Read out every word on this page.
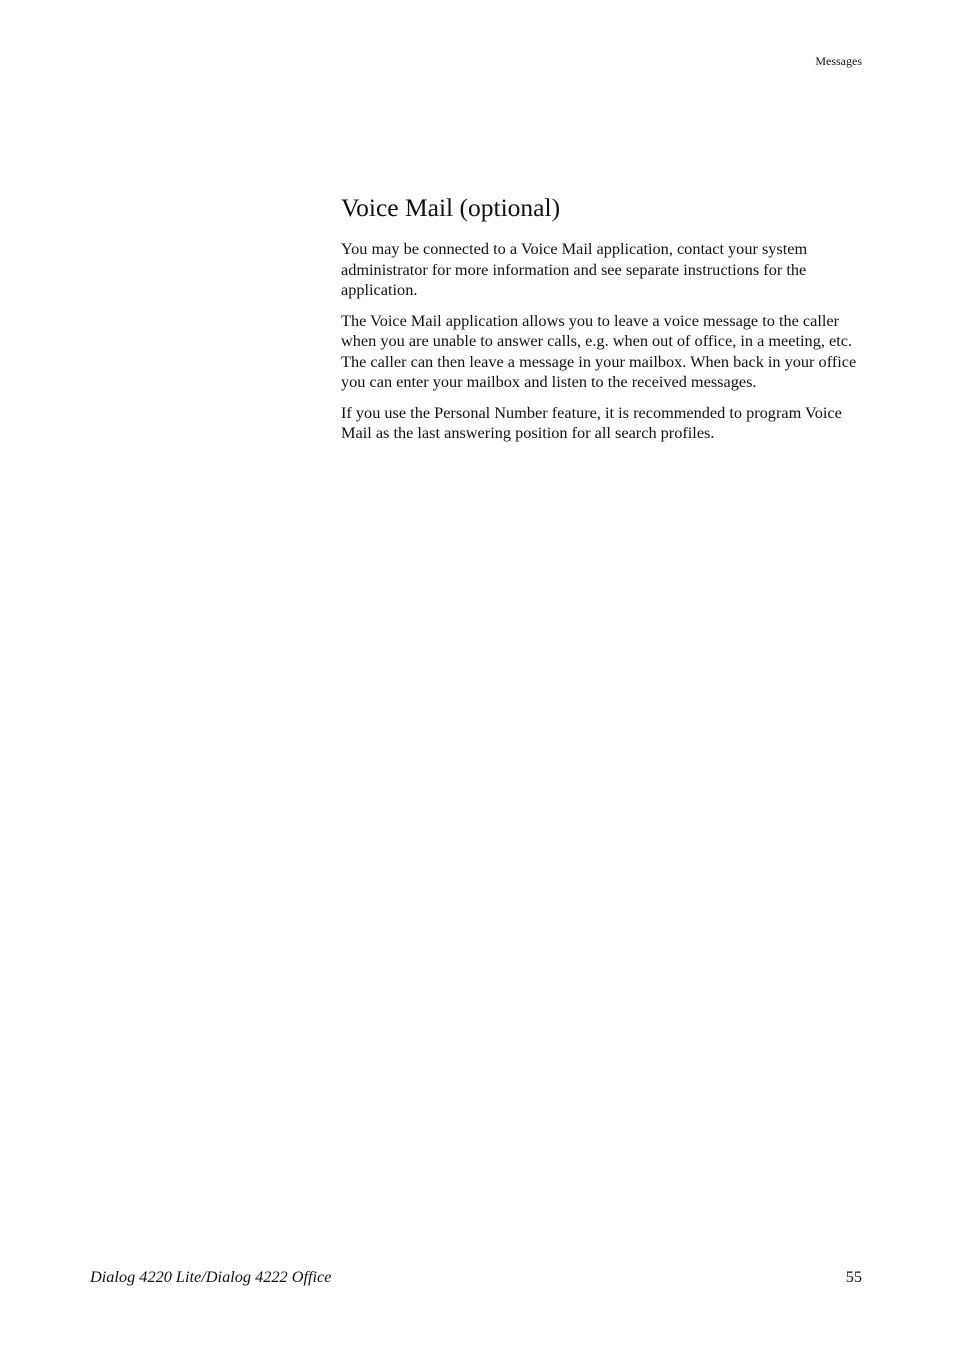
Messages

Voice Mail (optional)

You may be connected to a Voice Mail application, contact your system administrator for more information and see separate instructions for the application.

The Voice Mail application allows you to leave a voice message to the caller when you are unable to answer calls, e.g. when out of office, in a meeting, etc. The caller can then leave a message in your mailbox. When back in your office you can enter your mailbox and listen to the received messages.

If you use the Personal Number feature, it is recommended to program Voice Mail as the last answering position for all search profiles.

Dialog 4220 Lite/Dialog 4222 Office	55
